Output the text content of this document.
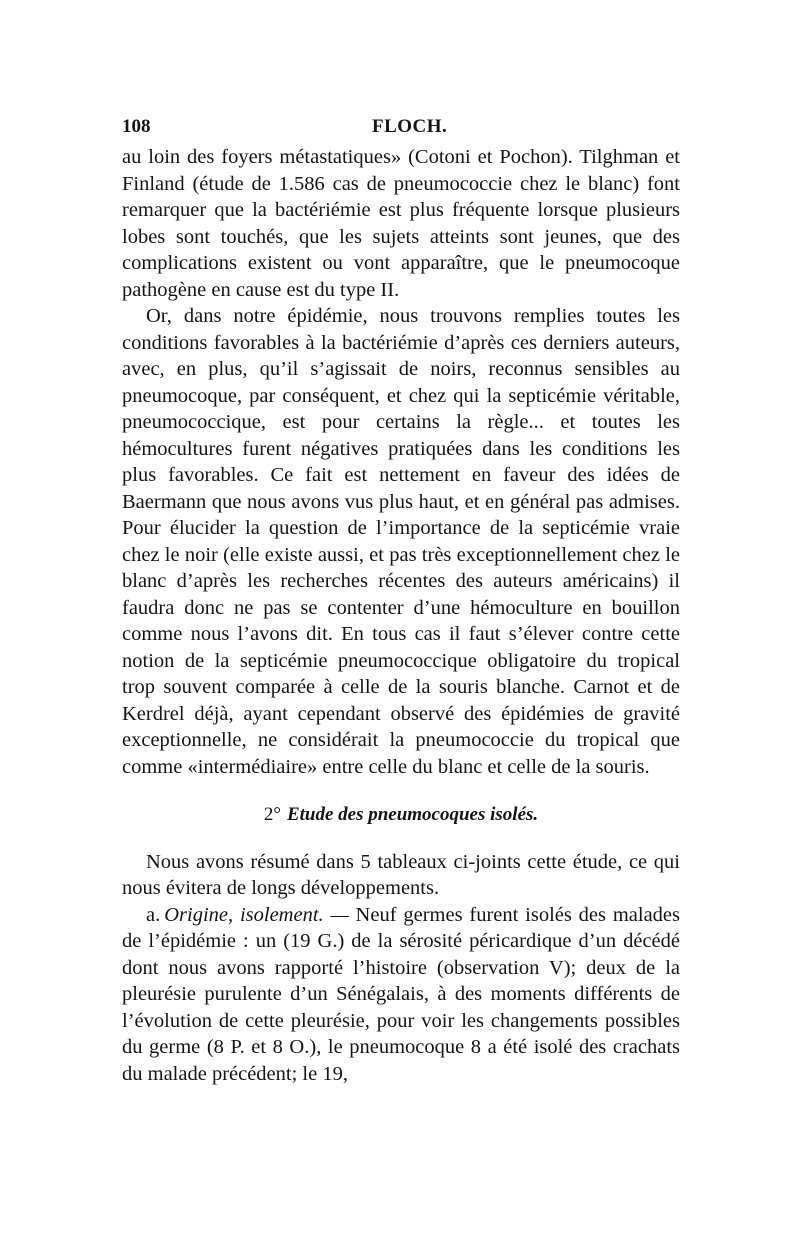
108	FLOCH.

au loin des foyers métastatiques» (Cotoni et Pochon). Tilghman et Finland (étude de 1.586 cas de pneumococcie chez le blanc) font remarquer que la bactériémie est plus fréquente lorsque plusieurs lobes sont touchés, que les sujets atteints sont jeunes, que des complications existent ou vont apparaître, que le pneumocoque pathogène en cause est du type II.

Or, dans notre épidémie, nous trouvons remplies toutes les conditions favorables à la bactériémie d’après ces derniers auteurs, avec, en plus, qu’il s’agissait de noirs, reconnus sensibles au pneumocoque, par conséquent, et chez qui la septicémie véritable, pneumococcique, est pour certains la règle... et toutes les hémocultures furent négatives pratiquées dans les conditions les plus favorables. Ce fait est nettement en faveur des idées de Baermann que nous avons vus plus haut, et en général pas admises. Pour élucider la question de l’importance de la septicémie vraie chez le noir (elle existe aussi, et pas très exceptionnellement chez le blanc d’après les recherches récentes des auteurs américains) il faudra donc ne pas se contenter d’une hémoculture en bouillon comme nous l’avons dit. En tous cas il faut s’élever contre cette notion de la septicémie pneumococcique obligatoire du tropical trop souvent comparée à celle de la souris blanche. Carnot et de Kerdrel déjà, ayant cependant observé des épidémies de gravité exceptionnelle, ne considérait la pneumococcie du tropical que comme «intermédiaire» entre celle du blanc et celle de la souris.

2° Etude des pneumocoques isolés.

Nous avons résumé dans 5 tableaux ci-joints cette étude, ce qui nous évitera de longs développements.

a. Origine, isolement. — Neuf germes furent isolés des malades de l’épidémie : un (19 G.) de la sérosité péricardique d’un décédé dont nous avons rapporté l’histoire (observation V); deux de la pleurésie purulente d’un Sénégalais, à des moments différents de l’évolution de cette pleurésie, pour voir les changements possibles du germe (8 P. et 8 O.), le pneumocoque 8 a été isolé des crachats du malade précédent; le 19,
